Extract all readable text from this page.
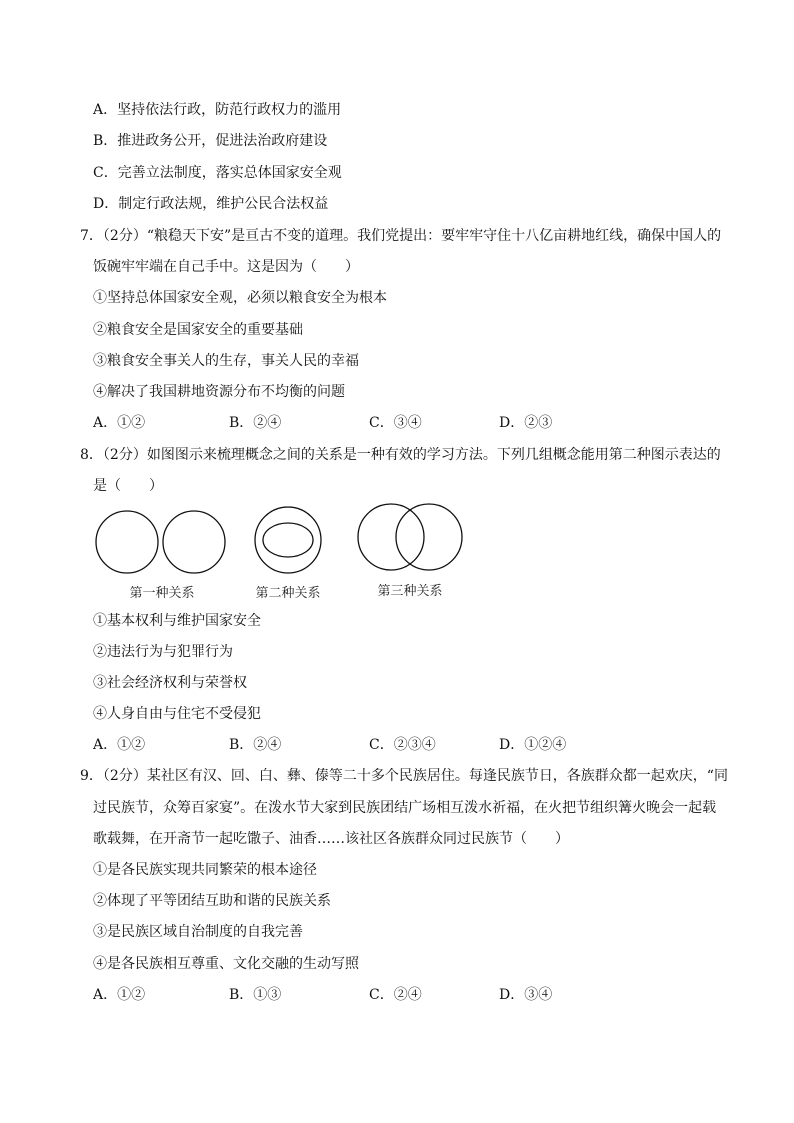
A．坚持依法行政，防范行政权力的滥用
B．推进政务公开，促进法治政府建设
C．完善立法制度，落实总体国家安全观
D．制定行政法规，维护公民合法权益
7．（2分）“粮稳天下安”是亘古不变的道理。我们党提出：要牢牢守住十八亿亩耕地红线，确保中国人的
饭碗牢牢端在自己手中。这是因为（　　）
①坚持总体国家安全观，必须以粮食安全为根本
②粮食安全是国家安全的重要基础
③粮食安全事关人的生存，事关人民的幸福
④解决了我国耕地资源分布不均衡的问题
A．①②	B．②④	C．③④	D．②③
8．（2分）如图图示来梳理概念之间的关系是一种有效的学习方法。下列几组概念能用第二种图示表达的
是（　　）
第一种关系	第二种关系	第三种关系
①基本权利与维护国家安全
②违法行为与犯罪行为
③社会经济权利与荣誉权
④人身自由与住宅不受侵犯
A．①②	B．②④	C．②③④	D．①②④
9．（2分）某社区有汉、回、白、彝、傣等二十多个民族居住。每逢民族节日，各族群众都一起欢庆，“同
过民族节，众筹百家宴”。在泼水节大家到民族团结广场相互泼水祈福，在火把节组织篝火晚会一起载
歌载舞，在开斋节一起吃馓子、油香……该社区各族群众同过民族节（　　）
①是各民族实现共同繁荣的根本途径
②体现了平等团结互助和谐的民族关系
③是民族区域自治制度的自我完善
④是各民族相互尊重、文化交融的生动写照
A．①②	B．①③	C．②④	D．③④
